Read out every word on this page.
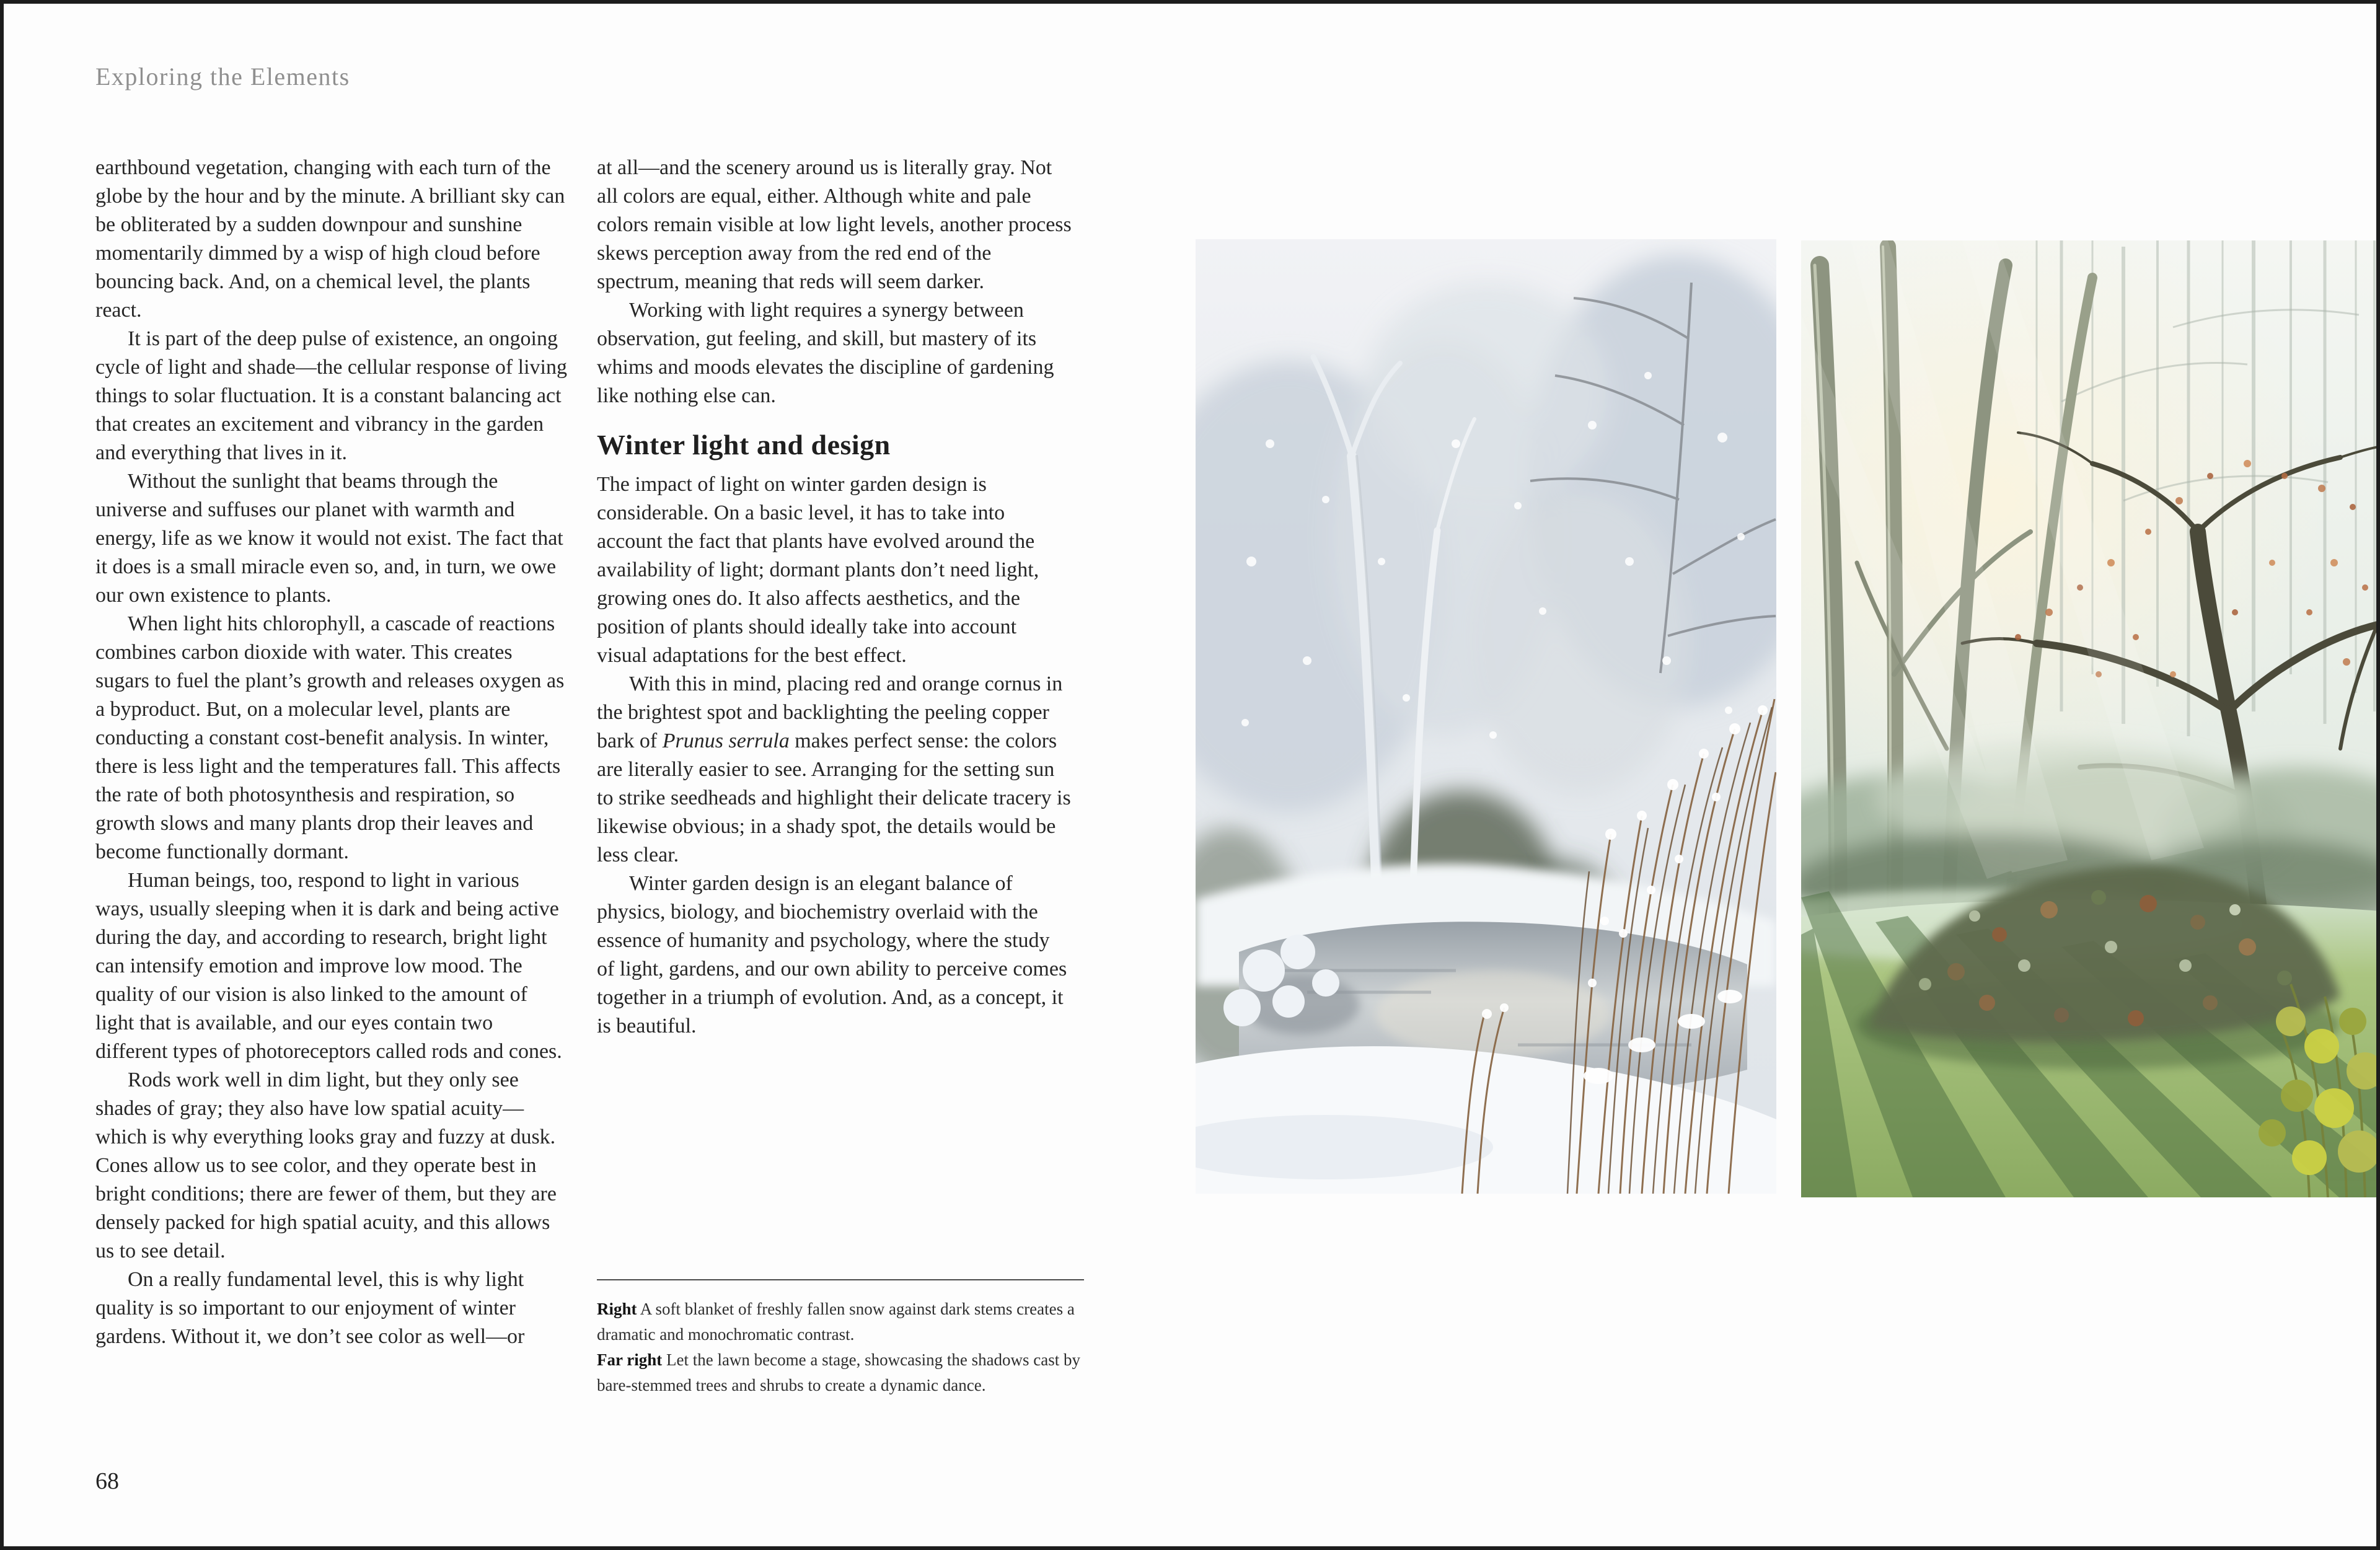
Exploring the Elements

earthbound vegetation, changing with each turn of the globe by the hour and by the minute. A brilliant sky can be obliterated by a sudden downpour and sunshine momentarily dimmed by a wisp of high cloud before bouncing back. And, on a chemical level, the plants react.

It is part of the deep pulse of existence, an ongoing cycle of light and shade—the cellular response of living things to solar fluctuation. It is a constant balancing act that creates an excitement and vibrancy in the garden and everything that lives in it.

Without the sunlight that beams through the universe and suffuses our planet with warmth and energy, life as we know it would not exist. The fact that it does is a small miracle even so, and, in turn, we owe our own existence to plants.

When light hits chlorophyll, a cascade of reactions combines carbon dioxide with water. This creates sugars to fuel the plant’s growth and releases oxygen as a byproduct. But, on a molecular level, plants are conducting a constant cost-benefit analysis. In winter, there is less light and the temperatures fall. This affects the rate of both photosynthesis and respiration, so growth slows and many plants drop their leaves and become functionally dormant.

Human beings, too, respond to light in various ways, usually sleeping when it is dark and being active during the day, and according to research, bright light can intensify emotion and improve low mood. The quality of our vision is also linked to the amount of light that is available, and our eyes contain two different types of photoreceptors called rods and cones.

Rods work well in dim light, but they only see shades of gray; they also have low spatial acuity—which is why everything looks gray and fuzzy at dusk. Cones allow us to see color, and they operate best in bright conditions; there are fewer of them, but they are densely packed for high spatial acuity, and this allows us to see detail.

On a really fundamental level, this is why light quality is so important to our enjoyment of winter gardens. Without it, we don’t see color as well—or

at all—and the scenery around us is literally gray. Not all colors are equal, either. Although white and pale colors remain visible at low light levels, another process skews perception away from the red end of the spectrum, meaning that reds will seem darker.

Working with light requires a synergy between observation, gut feeling, and skill, but mastery of its whims and moods elevates the discipline of gardening like nothing else can.

Winter light and design

The impact of light on winter garden design is considerable. On a basic level, it has to take into account the fact that plants have evolved around the availability of light; dormant plants don’t need light, growing ones do. It also affects aesthetics, and the position of plants should ideally take into account visual adaptations for the best effect.

With this in mind, placing red and orange cornus in the brightest spot and backlighting the peeling copper bark of Prunus serrula makes perfect sense: the colors are literally easier to see. Arranging for the setting sun to strike seedheads and highlight their delicate tracery is likewise obvious; in a shady spot, the details would be less clear.

Winter garden design is an elegant balance of physics, biology, and biochemistry overlaid with the essence of humanity and psychology, where the study of light, gardens, and our own ability to perceive comes together in a triumph of evolution. And, as a concept, it is beautiful.

Right A soft blanket of freshly fallen snow against dark stems creates a dramatic and monochromatic contrast.

Far right Let the lawn become a stage, showcasing the shadows cast by bare-stemmed trees and shrubs to create a dynamic dance.

68
